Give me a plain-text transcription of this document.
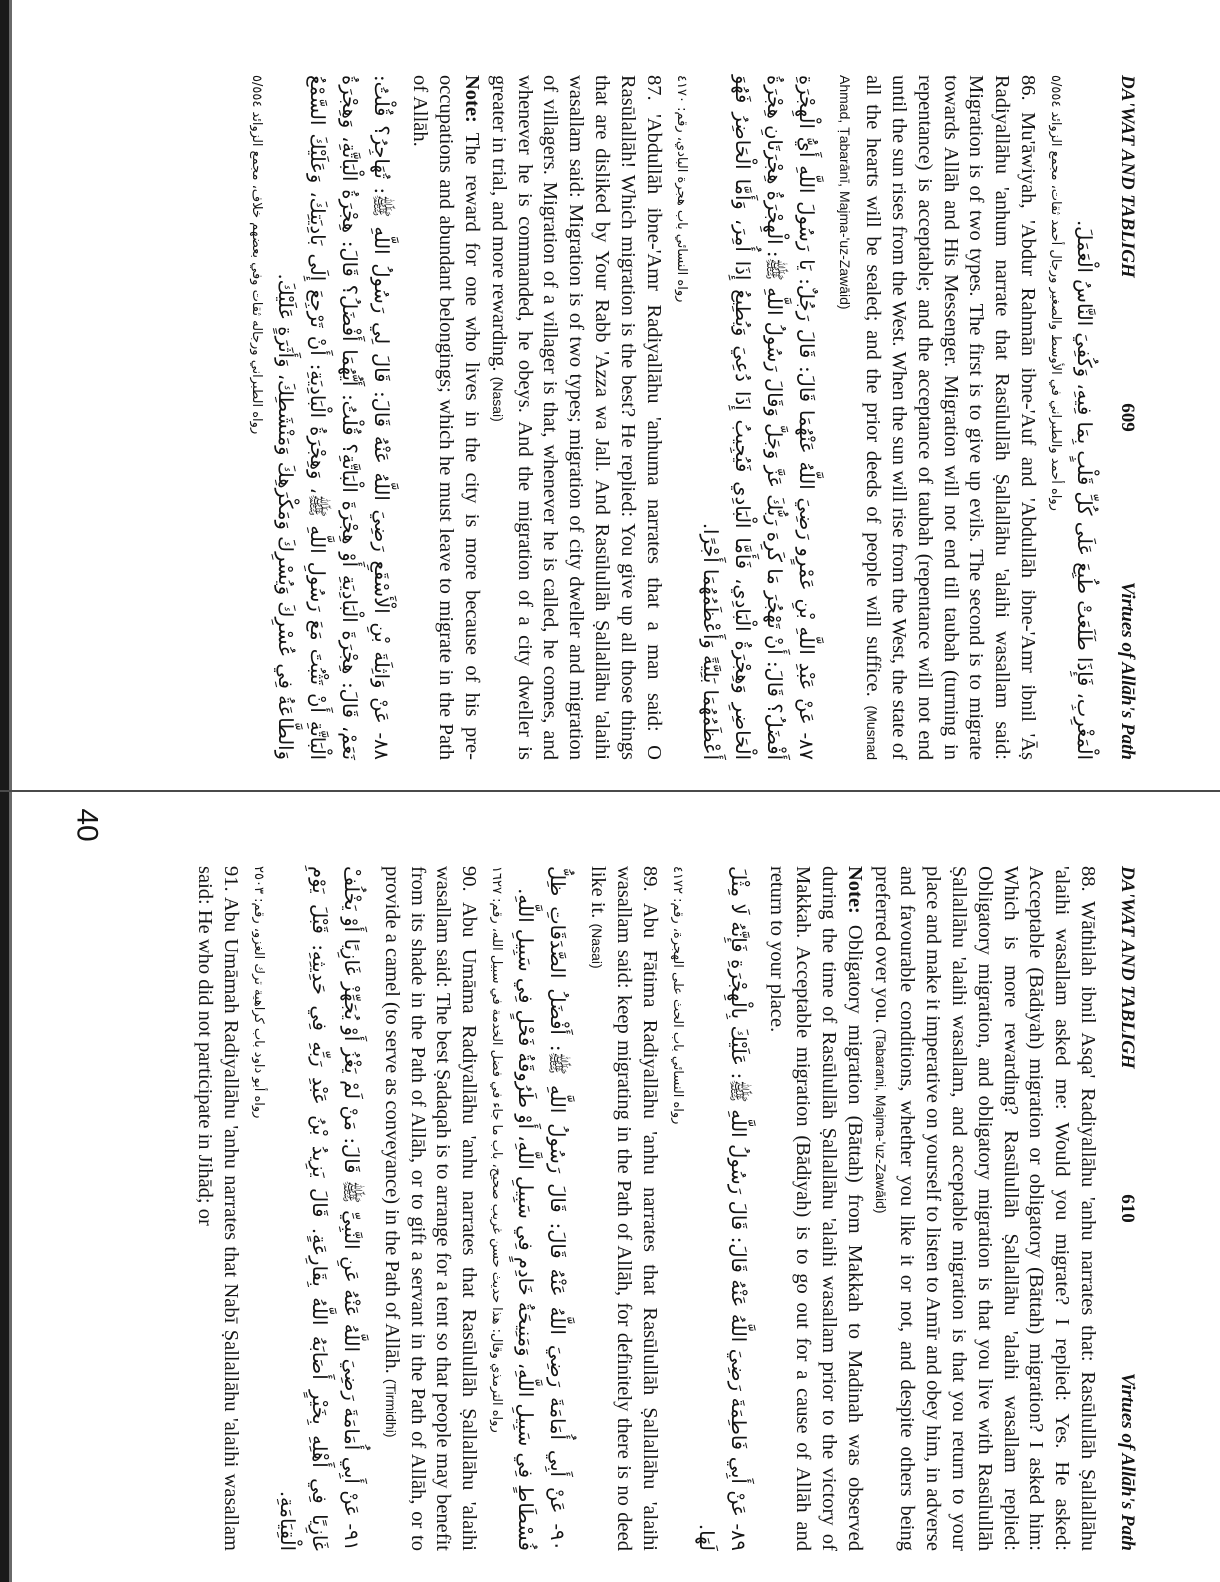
DA'WAT AND TABLIGH
609
Virtues of Allāh's Path
الْمَغْرِبِ، فَإِذَا طَلَعَتْ طُبِعَ عَلَى كُلِّ قَلْبٍ بِمَا فِيهِ، وَكُفِيَ النَّاسُ الْعَمَلَ.
رواه أحمد والطبراني في الأوسط والصغير ورجال أحمد ثقات، مجمع الزوائد ٥/٥٥٤
86. Mu'āwiyah, 'Abdur Rahmān ibne-'Auf and 'Abdullāh ibne-'Amr ibnil 'Āṣ Radiyallāhu 'anhum narrate that Rasūlullāh Ṣallallāhu 'alaihi wasallam said: Migration is of two types. The first is to give up evils. The second is to migrate towards Allāh and His Messenger. Migration will not end till taubah (turning in repentance) is acceptable; and the acceptance of taubah (repentance will not end until the sun rises from the West. When the sun will rise from the West, the state of all the hearts will be sealed; and the prior deeds of people will suffice. (Musnad Ahmad, Ṭabarānī, Majma-'uz-Zawāid)
٨٧- عَنْ عَبْدِ اللَّهِ بْنِ عَمْرٍو رَضِيَ اللَّهُ عَنْهُمَا قَالَ: قَالَ رَجُلٌ: يَا رَسُولَ اللَّهِ أَيُّ الْهِجْرَةِ أَفْضَلُ؟ قَالَ: أَنْ تَهْجُرَ مَا كَرِهَ رَبُّكَ عَزَّ وَجَلَّ وَقَالَ رَسُولُ اللَّهِ ﷺ: الْهِجْرَةُ هِجْرَتَانِ هِجْرَةُ الْحَاضِرِ وَهِجْرَةُ الْبَادِي، فَأَمَّا الْبَادِي فَيُجِيبُ إِذَا دُعِيَ وَيُطِيعُ إِذَا أُمِرَ، وَأَمَّا الْحَاضِرُ فَهُوَ أَعْظَمُهُمَا بَلِيَّةً وَأَعْظَمُهُمَا أَجْرًا.
رواه النسائي باب هجرة البادي، رقم: ٤١٧٠
87. 'Abdullāh ibne-'Amr Radiyallāhu 'anhuma narrates that a man said: O Rasūlallāh! Which migration is the best? He replied: You give up all those things that are disliked by Your Rabb 'Azza wa Jall. And Rasūlullāh Ṣallallāhu 'alaihi wasallam said: Migration is of two types; migration of city dweller and migration of villagers. Migration of a villager is that, whenever he is called, he comes, and whenever he is commanded, he obeys. And the migration of a city dweller is greater in trial, and more rewarding. (Nasai)
Note: The reward for one who lives in the city is more because of his pre-occupations and abundant belongings; which he must leave to migrate in the Path of Allāh.
٨٨- عَنْ وَاثِلَةَ بْنِ الْأَسْقَعِ رَضِيَ اللَّهُ عَنْهُ قَالَ: قَالَ لِي رَسُولُ اللَّهِ ﷺ: تُهَاجِرُ؟ قُلْتُ: نَعَمْ، قَالَ: هِجْرَةَ الْبَادِيَةِ أَوْ هِجْرَةَ الْبَاتَّةِ؟ قُلْتُ: أَيُّهُمَا أَفْضَلُ؟ قَالَ: هِجْرَةُ الْبَاتَّةِ، وَهِجْرَةُ الْبَاتَّةِ أَنْ تَثْبُتَ مَعَ رَسُولِ اللَّهِ ﷺ، وَهِجْرَةُ الْبَادِيَةِ: أَنْ تَرْجِعَ إِلَى بَادِيَتِكَ، وَعَلَيْكَ السَّمْعُ وَالطَّاعَةُ فِي عُسْرِكَ وَيُسْرِكَ وَمَكْرَهِكَ وَمَنْشَطِكَ، وَأَثَرَةٍ عَلَيْكَ.
رواه الطبراني ورجاله ثقات وفي بعضهم خلاف، مجمع الزوائد ٥/٥٥٤
DA'WAT AND TABLIGH
610
Virtues of Allāh's Path
88. Wāthilah ibnil Asqa' Radiyallāhu 'anhu narrates that: Rasūlullāh Ṣallallāhu 'alaihi wasallam asked me: Would you migrate? I replied: Yes. He asked: Acceptable (Bādiyah) migration or obligatory (Bāttah) migration? I asked him: Which is more rewarding? Rasūlullāh Ṣallallāhu 'alaihi wasallam replied: Obligatory migration, and obligatory migration is that you live with Rasūlullāh Ṣallallāhu 'alaihi wasallam, and acceptable migration is that you return to your place and make it imperative on yourself to listen to Amīr and obey him, in adverse and favourable conditions, whether you like it or not, and despite others being preferred over you. (Tabarani, Majma-'uz-Zawāid)
Note: Obligatory migration (Bāttah) from Makkah to Madinah was observed during the time of Rasūlullāh Ṣallallāhu 'alaihi wasallam prior to the victory of Makkah. Acceptable migration (Bādiyah) is to go out for a cause of Allāh and return to your place.
٨٩- عَنْ أَبِي فَاطِمَةَ رَضِيَ اللَّهُ عَنْهُ قَالَ: قَالَ رَسُولُ اللَّهِ ﷺ: عَلَيْكَ بِالْهِجْرَةِ فَإِنَّهُ لَا مِثْلَ لَهَا.
رواه النسائي باب الحث على الهجرة، رقم: ٤١٧٢
89. Abu Fātima Radiyallāhu 'anhu narrates that Rasūlullāh Ṣallallāhu 'alaihi wasallam said: keep migrating in the Path of Allāh, for definitely there is no deed like it. (Nasai)
٩٠- عَنْ أَبِي أُمَامَةَ رَضِيَ اللَّهُ عَنْهُ قَالَ: قَالَ رَسُولُ اللَّهِ ﷺ: أَفْضَلُ الصَّدَقَاتِ ظِلُّ فُسْطَاطٍ فِي سَبِيلِ اللَّهِ، وَمَنِيحَةُ خَادِمٍ فِي سَبِيلِ اللَّهِ، أَوْ طَرُوقَةُ فَحْلٍ فِي سَبِيلِ اللَّهِ.
رواه الترمذي وقال: هذا حديث حسن غريب صحيح، باب ما جاء في فضل الخدمة في سبيل الله، رقم: ١٦٢٧
90. Abu Umāma Radiyallāhu 'anhu narrates that Rasūlullāh Ṣallallāhu 'alaihi wasallam said: The best Ṣadaqah is to arrange for a tent so that people may benefit from its shade in the Path of Allāh, or to gift a servant in the Path of Allāh, or to provide a camel (to serve as conveyance) in the Path of Allāh. (Tirmidhi)
٩١- عَنْ أَبِي أُمَامَةَ رَضِيَ اللَّهُ عَنْهُ عَنِ النَّبِيِّ ﷺ قَالَ: مَنْ لَمْ يَغْزُ أَوْ يُجَهِّزْ غَازِيًا أَوْ يَخْلُفْ غَازِيًا فِي أَهْلِهِ بِخَيْرٍ أَصَابَهُ اللَّهُ بِقَارِعَةٍ. قَالَ يَزِيدُ بْنُ عَبْدِ رَبِّهِ فِي حَدِيثِهِ: قَبْلَ يَوْمِ الْقِيَامَةِ.
رواه أبو داود باب كراهية ترك الغزو، رقم: ٢٥٠٣
91. Abu Umāmah Radiyallāhu 'anhu narrates that Nabī Ṣallallāhu 'alaihi wasallam said: He who did not participate in Jihād; or
40
